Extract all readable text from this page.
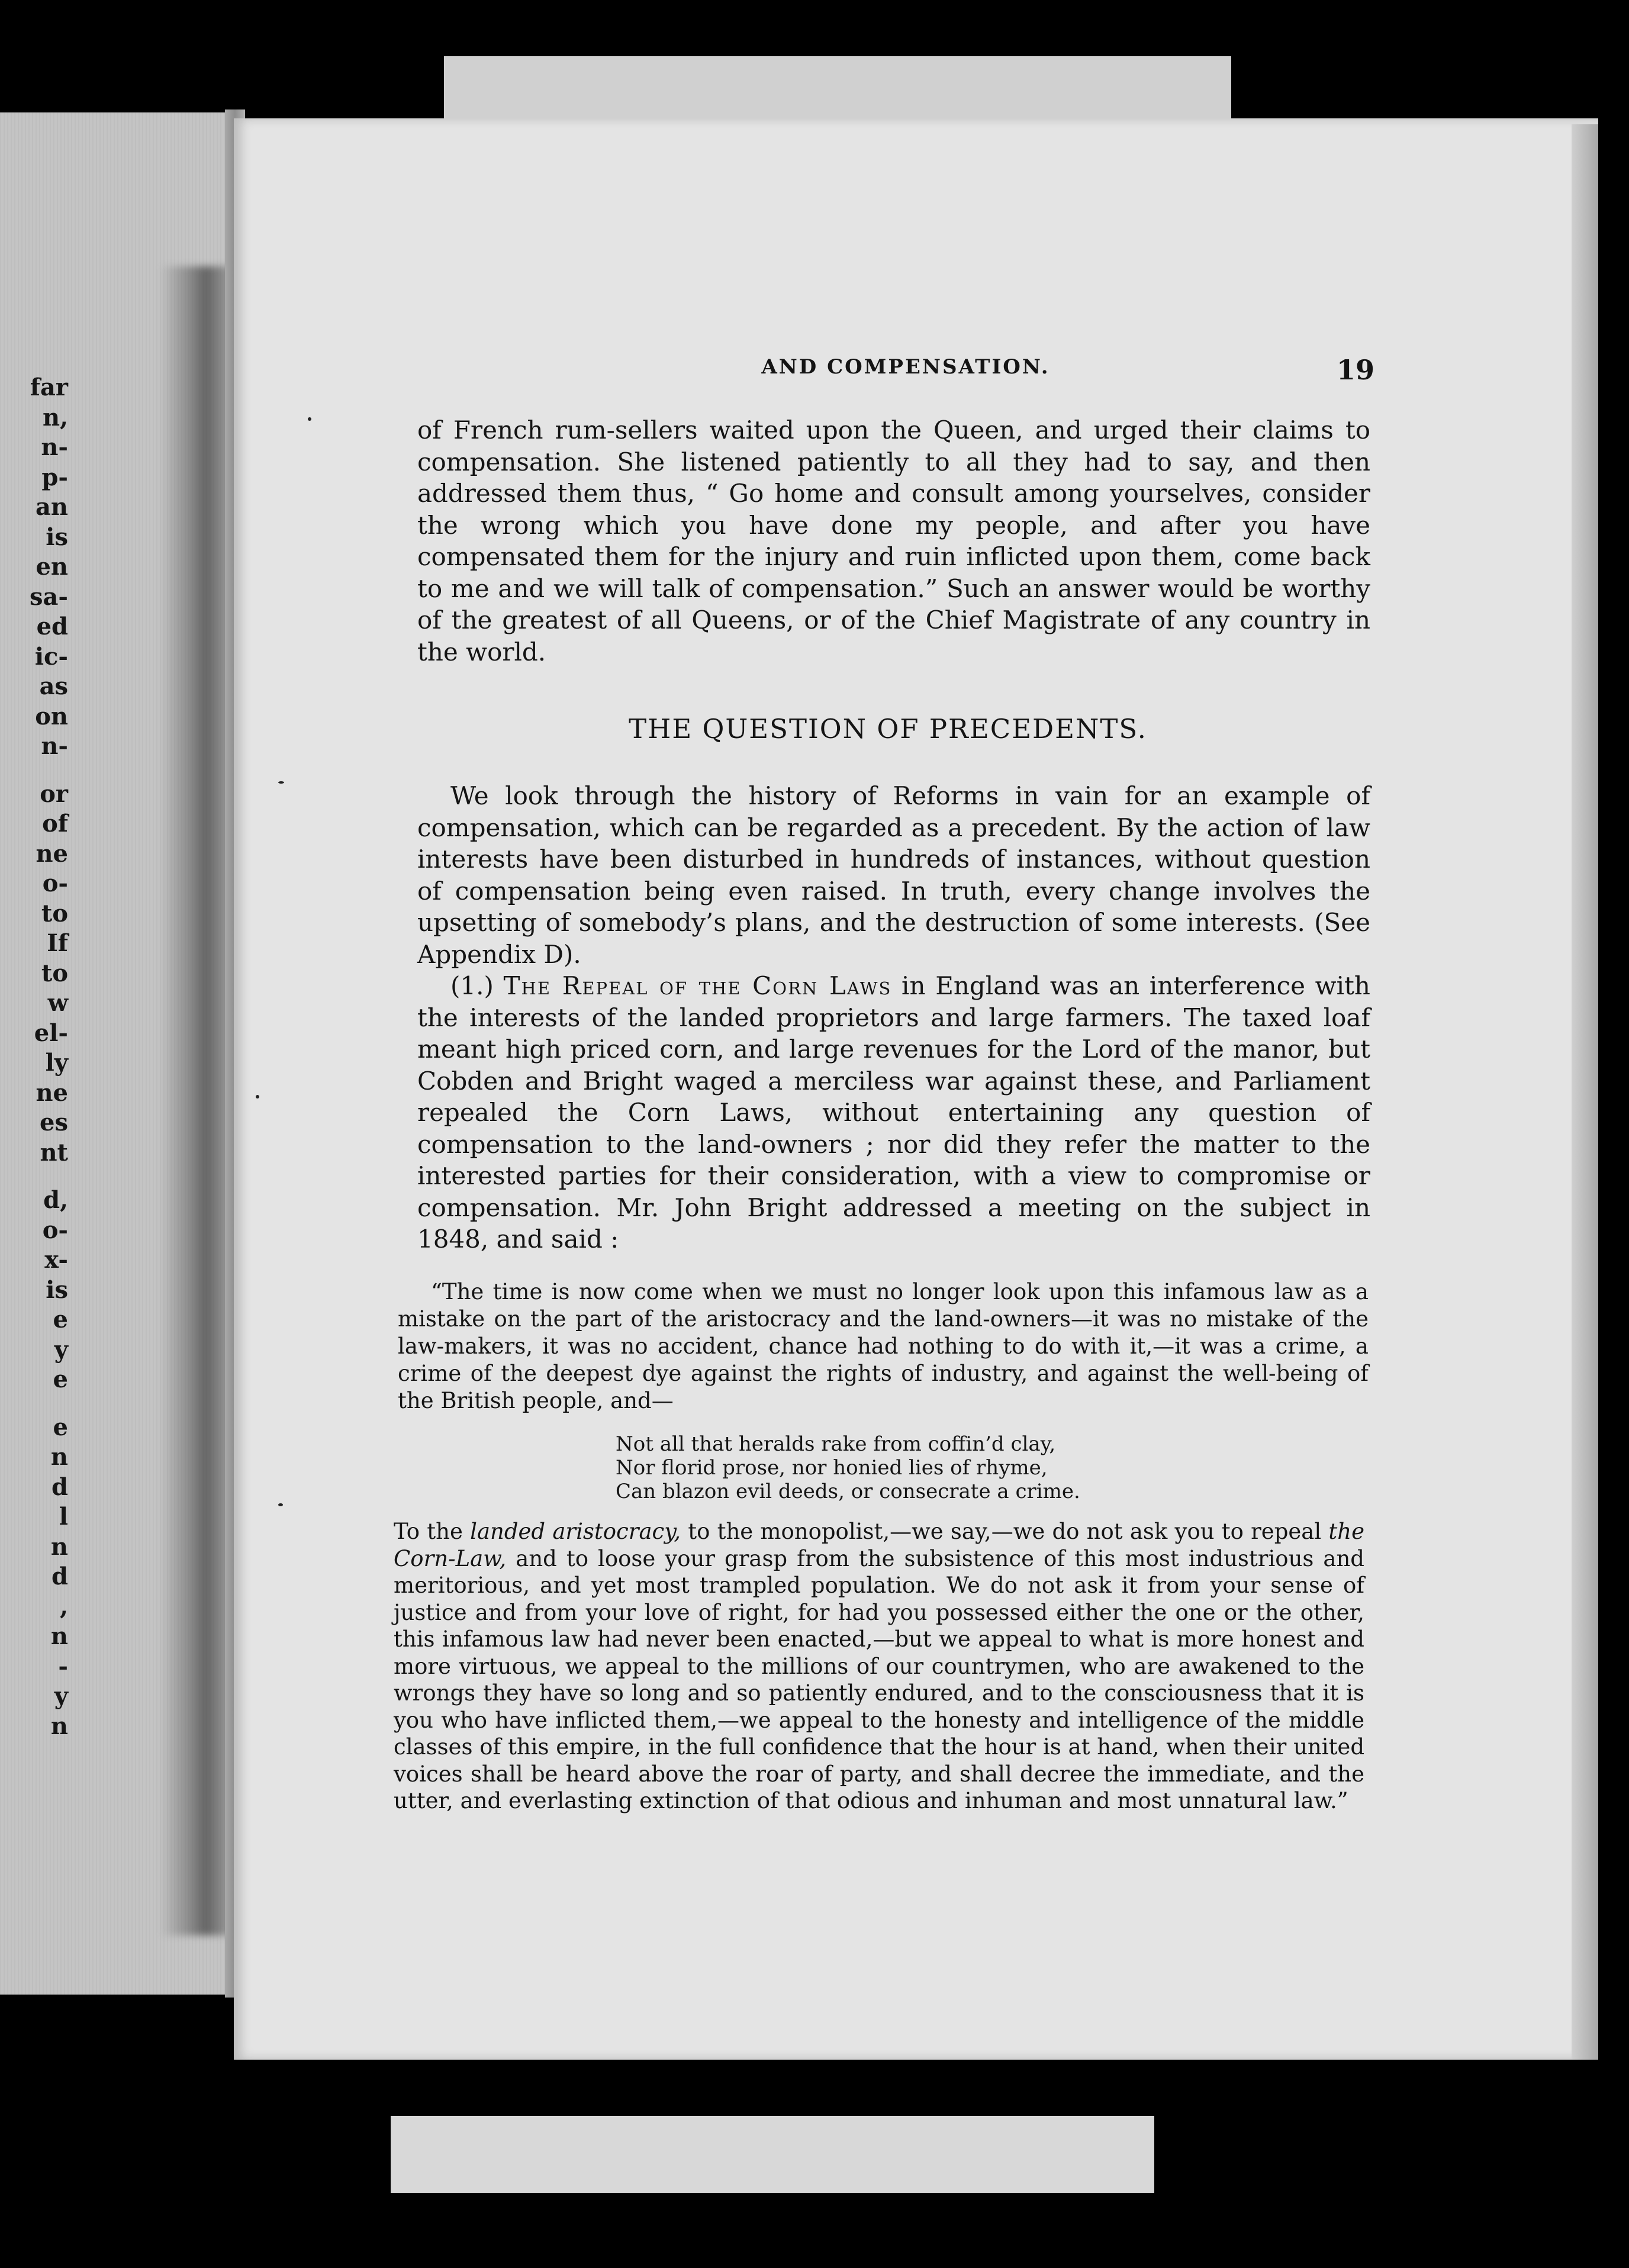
far
n,
n-
p-
an
is
en
sa-
ed
ic-
as
on
n-
or
of
ne
o-
to
If
to
w
el-
ly
ne
es
nt
d,
o-
x-
is
e
y
e
e
n
d
l
n
d
,
n
-
y
n
AND COMPENSATION.	19

of French rum-sellers waited upon the Queen, and urged their claims to compensation. She listened patiently to all they had to say, and then addressed them thus, “ Go home and consult among yourselves, consider the wrong which you have done my people, and after you have compensated them for the injury and ruin inflicted upon them, come back to me and we will talk of compensation.” Such an answer would be worthy of the greatest of all Queens, or of the Chief Magistrate of any country in the world.

THE QUESTION OF PRECEDENTS.

We look through the history of Reforms in vain for an example of compensation, which can be regarded as a precedent. By the action of law interests have been disturbed in hundreds of instances, without question of compensation being even raised. In truth, every change involves the upsetting of somebody’s plans, and the destruction of some interests. (See Appendix D).

(1.) The Repeal of the Corn Laws in England was an interference with the interests of the landed proprietors and large farmers. The taxed loaf meant high priced corn, and large revenues for the Lord of the manor, but Cobden and Bright waged a merciless war against these, and Parliament repealed the Corn Laws, without entertaining any question of compensation to the land-owners ; nor did they refer the matter to the interested parties for their consideration, with a view to compromise or compensation. Mr. John Bright addressed a meeting on the subject in 1848, and said :

“The time is now come when we must no longer look upon this infamous law as a mistake on the part of the aristocracy and the land-owners—it was no mistake of the law-makers, it was no accident, chance had nothing to do with it,—it was a crime, a crime of the deepest dye against the rights of industry, and against the well-being of the British people, and—

Not all that heralds rake from coffin’d clay,
Nor florid prose, nor honied lies of rhyme,
Can blazon evil deeds, or consecrate a crime.

To the landed aristocracy, to the monopolist,—we say,—we do not ask you to repeal the Corn-Law, and to loose your grasp from the subsistence of this most industrious and meritorious, and yet most trampled population. We do not ask it from your sense of justice and from your love of right, for had you possessed either the one or the other, this infamous law had never been enacted,—but we appeal to what is more honest and more virtuous, we appeal to the millions of our countrymen, who are awakened to the wrongs they have so long and so patiently endured, and to the consciousness that it is you who have inflicted them,—we appeal to the honesty and intelligence of the middle classes of this empire, in the full confidence that the hour is at hand, when their united voices shall be heard above the roar of party, and shall decree the immediate, and the utter, and everlasting extinction of that odious and inhuman and most unnatural law.”
